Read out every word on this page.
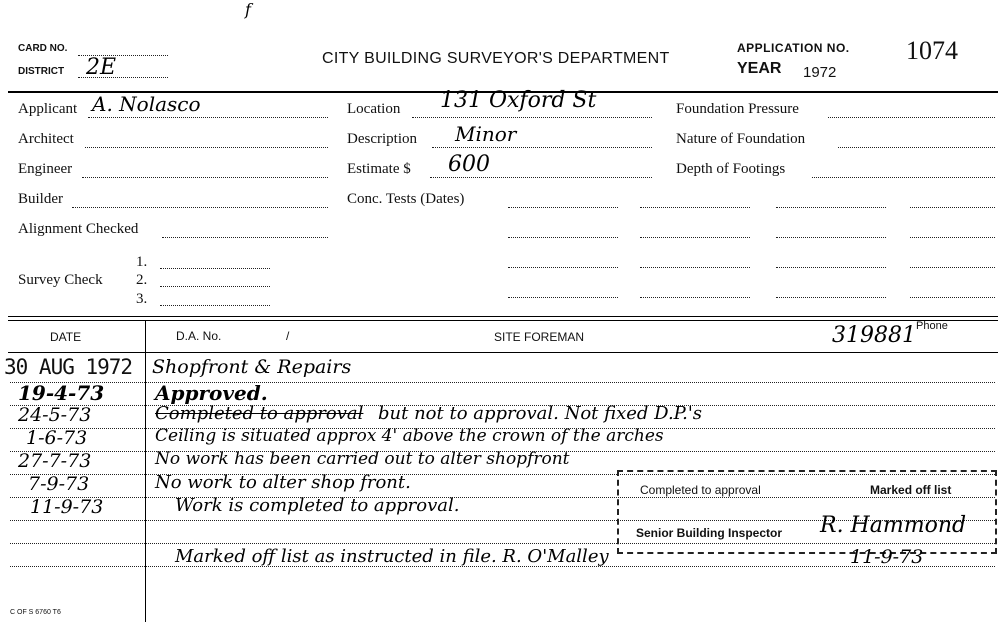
f
CARD NO.
DISTRICT 2E	CITY BUILDING SURVEYOR'S DEPARTMENT
APPLICATION NO.
YEAR 1972
1074
Applicant A. Nolasco
Architect
Engineer
Builder
Alignment Checked
Survey Check
1.
2.
3.
Location 131 Oxford St
Description Minor
Estimate $ 600
Conc. Tests (Dates)
Foundation Pressure
Nature of Foundation
Depth of Footings
DATE	D.A. No.	/	SITE FOREMAN	319881 Phone
30 AUG 1972 Shopfront & Repairs
19-4-73	Approved.
24-5-73	Completed to approval but not to approval. Not fixed D.P.'s
1-6-73	Ceiling is situated approx 4' above the crown of the arches
27-7-73	No work has been carried out to alter shopfront
7-9-73	No work to alter shop front.
11-9-73	Work is completed to approval.
Marked off list as instructed in file. R. O'Malley
Completed to approval	Marked off list
Senior Building Inspector R. Hammond
11-9-73
C OF S 6760 T6
